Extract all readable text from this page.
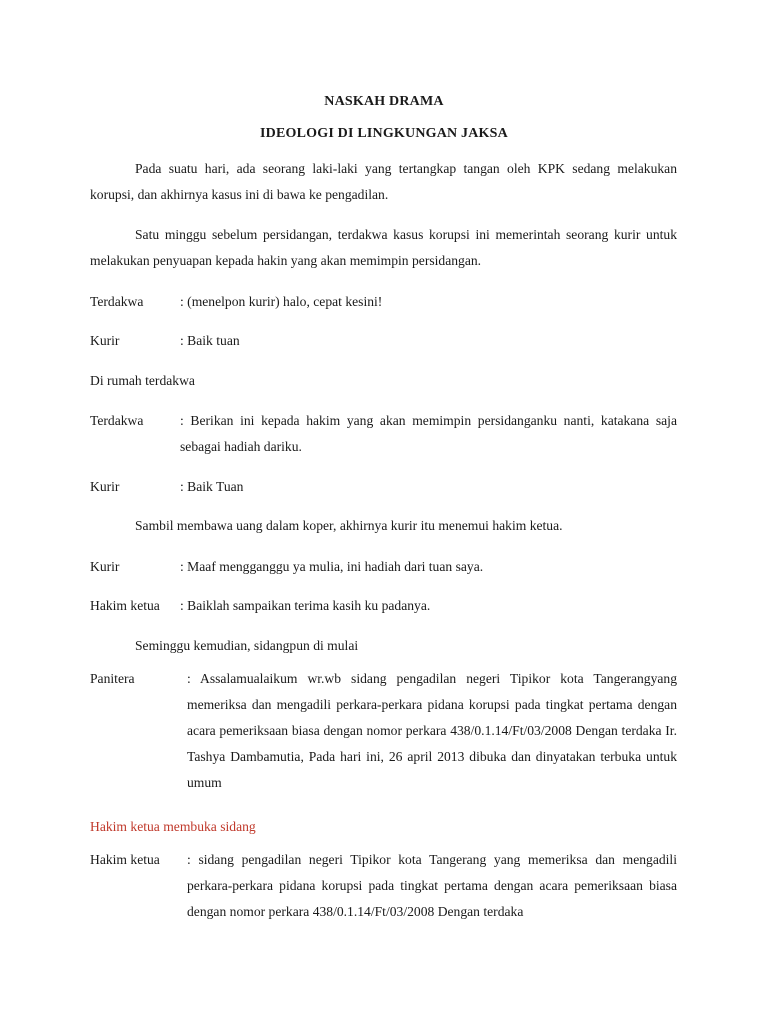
NASKAH DRAMA
IDEOLOGI DI LINGKUNGAN JAKSA
Pada suatu hari, ada seorang laki-laki yang tertangkap tangan oleh KPK sedang melakukan korupsi, dan akhirnya kasus ini di bawa ke pengadilan.
Satu minggu sebelum persidangan, terdakwa kasus korupsi ini memerintah seorang kurir untuk melakukan penyuapan kepada hakin yang akan memimpin persidangan.
Terdakwa	: (menelpon kurir) halo, cepat kesini!
Kurir	: Baik tuan
Di rumah terdakwa
Terdakwa	: Berikan ini kepada hakim yang akan memimpin persidanganku nanti, katakana saja sebagai hadiah dariku.
Kurir	: Baik Tuan
Sambil membawa uang dalam koper, akhirnya kurir itu menemui hakim ketua.
Kurir	: Maaf mengganggu ya mulia, ini hadiah dari tuan saya.
Hakim ketua : Baiklah sampaikan terima kasih ku padanya.
Seminggu kemudian, sidangpun di mulai
Panitera	: Assalamualaikum wr.wb sidang pengadilan negeri Tipikor kota Tangerangyang memeriksa dan mengadili perkara-perkara pidana korupsi pada tingkat pertama dengan acara pemeriksaan biasa dengan nomor perkara 438/0.1.14/Ft/03/2008 Dengan terdaka Ir. Tashya Dambamutia, Pada hari ini, 26 april 2013 dibuka dan dinyatakan terbuka untuk umum
Hakim ketua membuka sidang
Hakim ketua : sidang pengadilan negeri Tipikor kota Tangerang yang memeriksa dan mengadili perkara-perkara pidana korupsi pada tingkat pertama dengan acara pemeriksaan biasa dengan nomor perkara 438/0.1.14/Ft/03/2008 Dengan terdaka
